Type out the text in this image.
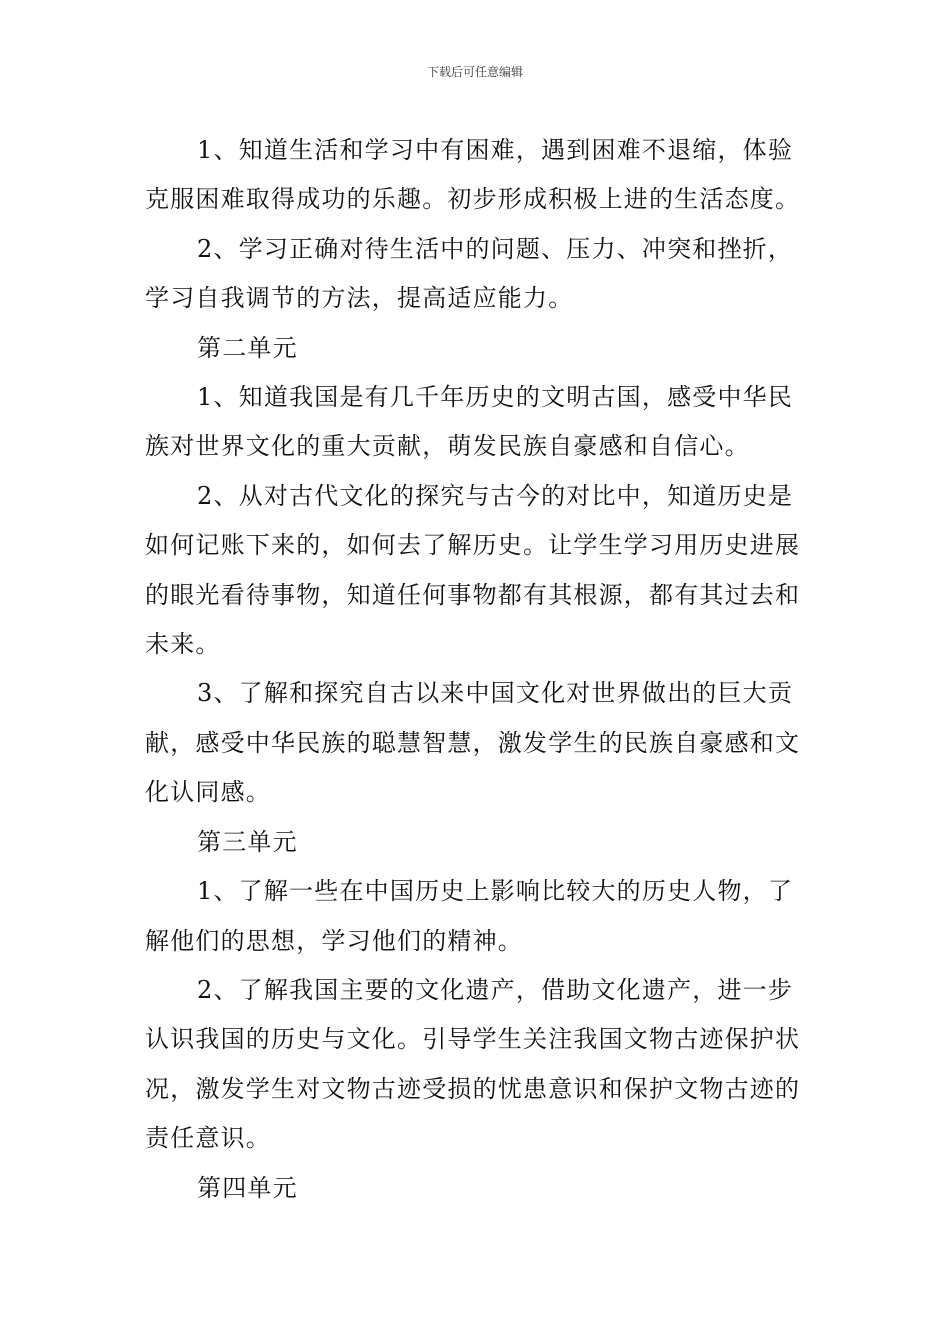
下载后可任意编辑

1、知道生活和学习中有困难，遇到困难不退缩，体验克服困难取得成功的乐趣。初步形成积极上进的生活态度。

2、学习正确对待生活中的问题、压力、冲突和挫折，学习自我调节的方法，提高适应能力。

第二单元

1、知道我国是有几千年历史的文明古国，感受中华民族对世界文化的重大贡献，萌发民族自豪感和自信心。

2、从对古代文化的探究与古今的对比中，知道历史是如何记账下来的，如何去了解历史。让学生学习用历史进展的眼光看待事物，知道任何事物都有其根源，都有其过去和未来。

3、了解和探究自古以来中国文化对世界做出的巨大贡献，感受中华民族的聪慧智慧，激发学生的民族自豪感和文化认同感。

第三单元

1、了解一些在中国历史上影响比较大的历史人物，了解他们的思想，学习他们的精神。

2、了解我国主要的文化遗产，借助文化遗产，进一步认识我国的历史与文化。引导学生关注我国文物古迹保护状况，激发学生对文物古迹受损的忧患意识和保护文物古迹的责任意识。

第四单元
